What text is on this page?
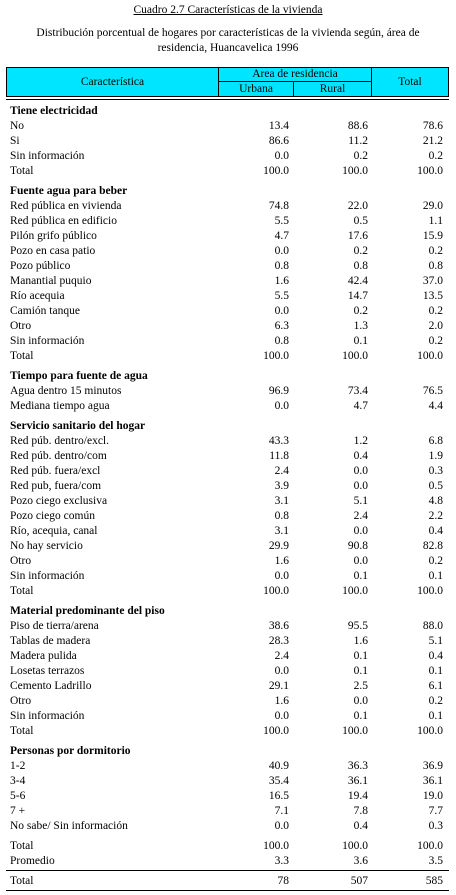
Cuadro 2.7 Características de la vivienda
Distribución porcentual de hogares por características de la vivienda según, área de residencia, Huancavelica 1996
Característica
Area de residencia
Urbana	Rural
Total
Tiene electricidad
No	13.4	88.6	78.6
Si	86.6	11.2	21.2
Sin información	0.0	0.2	0.2
Total	100.0	100.0	100.0
Fuente agua para beber
Red pública en vivienda	74.8	22.0	29.0
Red pública en edificio	5.5	0.5	1.1
Pilón grifo público	4.7	17.6	15.9
Pozo en casa patio	0.0	0.2	0.2
Pozo público	0.8	0.8	0.8
Manantial puquio	1.6	42.4	37.0
Río acequia	5.5	14.7	13.5
Camión tanque	0.0	0.2	0.2
Otro	6.3	1.3	2.0
Sin información	0.8	0.1	0.2
Total	100.0	100.0	100.0
Tiempo para fuente de agua
Agua dentro 15 minutos	96.9	73.4	76.5
Mediana tiempo agua	0.0	4.7	4.4
Servicio sanitario del hogar
Red púb. dentro/excl.	43.3	1.2	6.8
Red púb. dentro/com	11.8	0.4	1.9
Red púb. fuera/excl	2.4	0.0	0.3
Red pub, fuera/com	3.9	0.0	0.5
Pozo ciego exclusiva	3.1	5.1	4.8
Pozo ciego común	0.8	2.4	2.2
Río, acequia, canal	3.1	0.0	0.4
No hay servicio	29.9	90.8	82.8
Otro	1.6	0.0	0.2
Sin información	0.0	0.1	0.1
Total	100.0	100.0	100.0
Material predominante del piso
Piso de tierra/arena	38.6	95.5	88.0
Tablas de madera	28.3	1.6	5.1
Madera pulida	2.4	0.1	0.4
Losetas terrazos	0.0	0.1	0.1
Cemento Ladrillo	29.1	2.5	6.1
Otro	1.6	0.0	0.2
Sin información	0.0	0.1	0.1
Total	100.0	100.0	100.0
Personas por dormitorio
1-2	40.9	36.3	36.9
3-4	35.4	36.1	36.1
5-6	16.5	19.4	19.0
7 +	7.1	7.8	7.7
No sabe/ Sin información	0.0	0.4	0.3
Total	100.0	100.0	100.0
Promedio	3.3	3.6	3.5
Total	78	507	585
